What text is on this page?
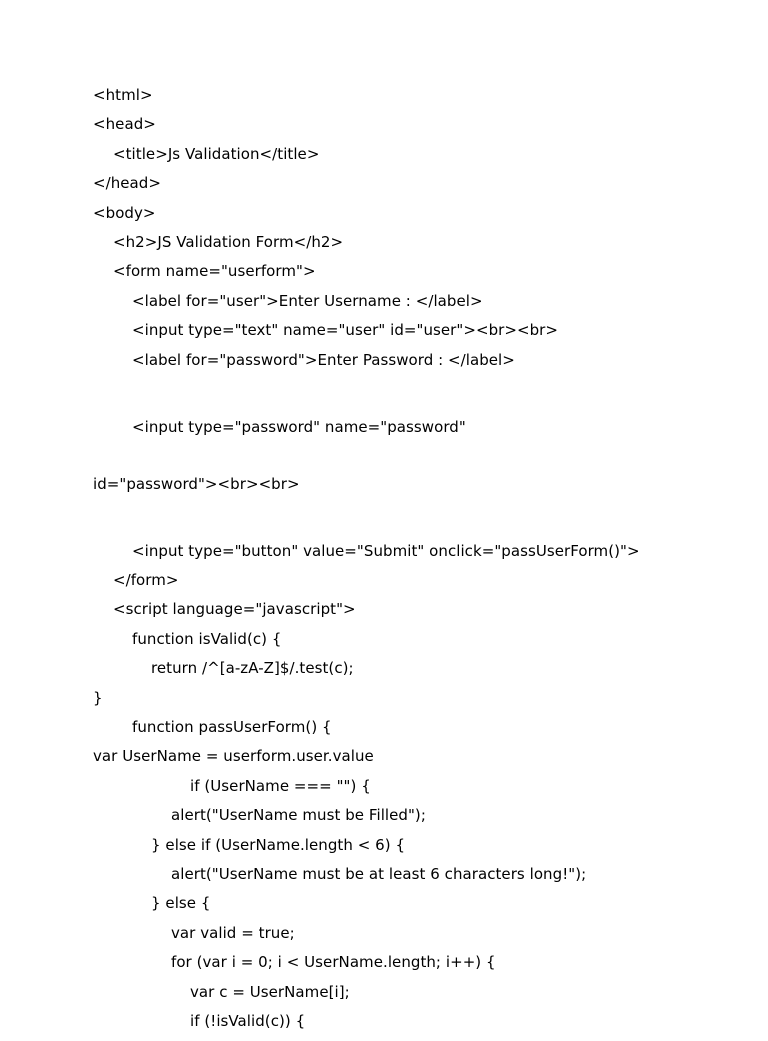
<html>
<head>
<title>Js Validation</title>
</head>
<body>
<h2>JS Validation Form</h2>
<form name="userform">
<label for="user">Enter Username : </label>
<input type="text" name="user" id="user"><br><br>
<label for="password">Enter Password : </label>

<input type="password" name="password"

id="password"><br><br>

<input type="button" value="Submit" onclick="passUserForm()">
</form>
<script language="javascript">
function isValid(c) {
return /^[a-zA-Z]$/.test(c);
}
function passUserForm() {
var UserName = userform.user.value
if (UserName === "") {
alert("UserName must be Filled");
} else if (UserName.length < 6) {
alert("UserName must be at least 6 characters long!");
} else {
var valid = true;
for (var i = 0; i < UserName.length; i++) {
var c = UserName[i];
if (!isValid(c)) {
